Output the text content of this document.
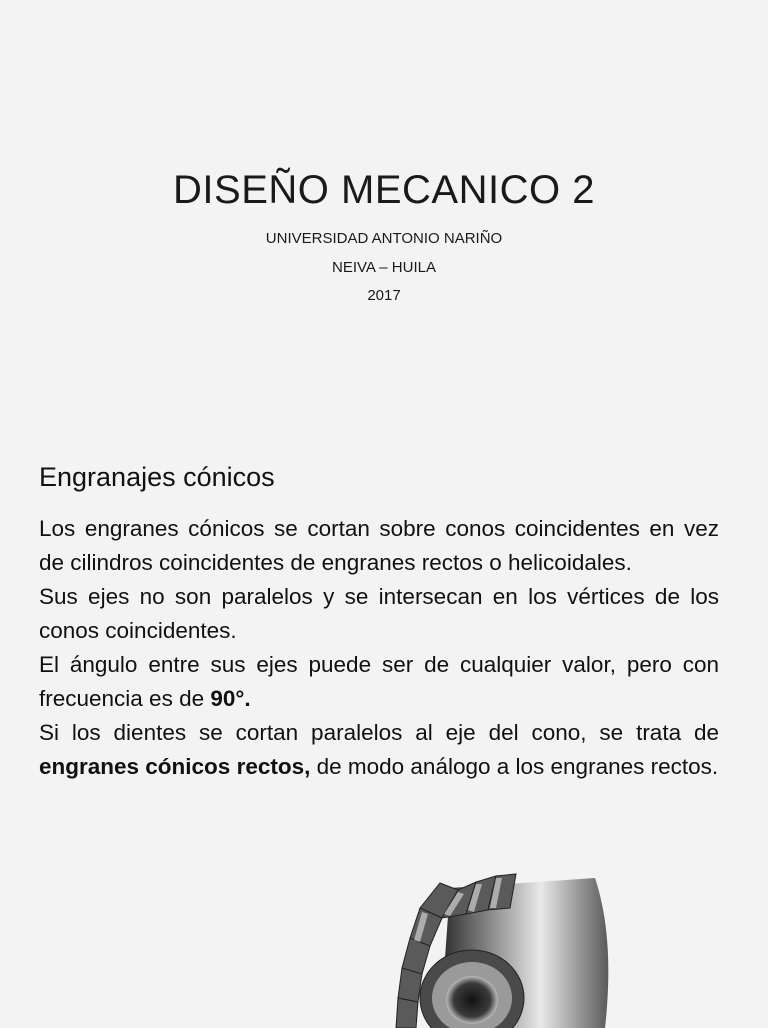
DISEÑO MECANICO 2
UNIVERSIDAD ANTONIO NARIÑO
NEIVA – HUILA
2017
Engranajes cónicos

Los engranes cónicos se cortan sobre conos coincidentes en vez de cilindros coincidentes de engranes rectos o helicoidales.

Sus ejes no son paralelos y se intersecan en los vértices de los conos coincidentes.

El ángulo entre sus ejes puede ser de cualquier valor, pero con frecuencia es de 90°.

Si los dientes se cortan paralelos al eje del cono, se trata de engranes cónicos rectos, de modo análogo a los engranes rectos.
